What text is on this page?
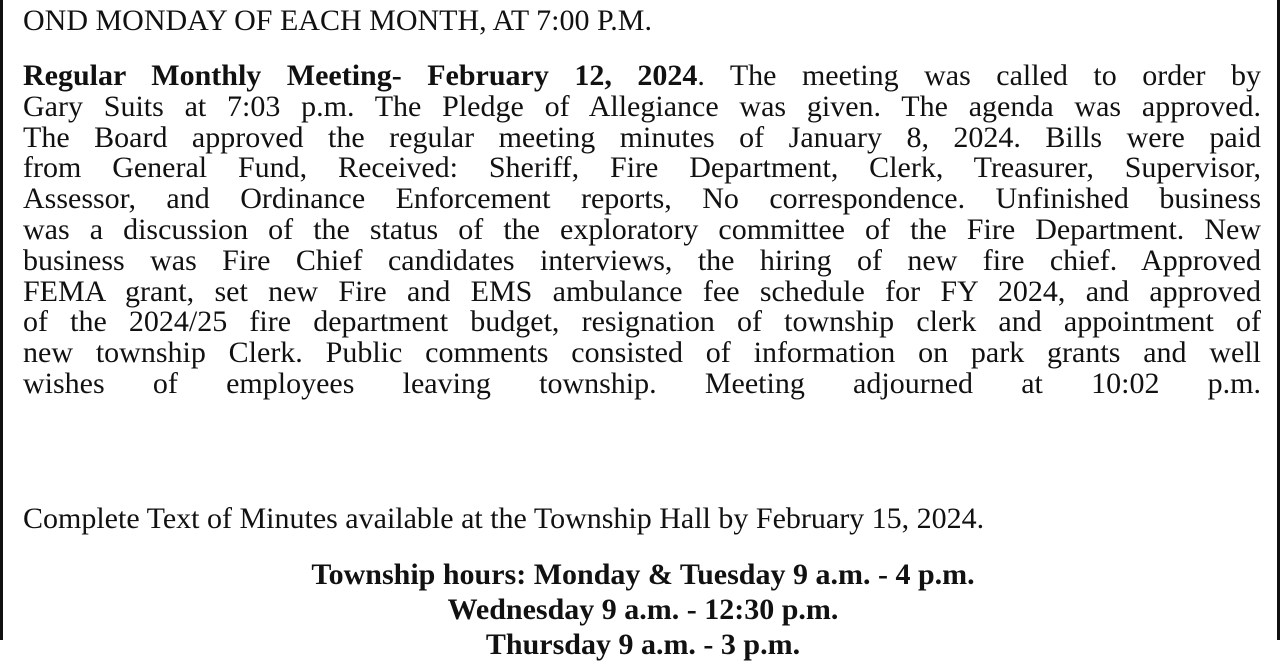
OND MONDAY OF EACH MONTH, AT 7:00 P.M.
Regular Monthly Meeting- February 12, 2024. The meeting was called to order by
Gary Suits at 7:03 p.m. The Pledge of Allegiance was given. The agenda was approved.
The Board approved the regular meeting minutes of January 8, 2024. Bills were paid
from General Fund, Received: Sheriff, Fire Department, Clerk, Treasurer, Supervisor,
Assessor, and Ordinance Enforcement reports, No correspondence. Unfinished business
was a discussion of the status of the exploratory committee of the Fire Department. New
business was Fire Chief candidates interviews, the hiring of new fire chief. Approved
FEMA grant, set new Fire and EMS ambulance fee schedule for FY 2024, and approved
of the 2024/25 fire department budget, resignation of township clerk and appointment of
new township Clerk. Public comments consisted of information on park grants and well
wishes of employees leaving township. Meeting adjourned at 10:02 p.m.
Complete Text of Minutes available at the Township Hall by February 15, 2024.
Township hours: Monday & Tuesday 9 a.m. - 4 p.m.
Wednesday 9 a.m. - 12:30 p.m.
Thursday 9 a.m. - 3 p.m.
